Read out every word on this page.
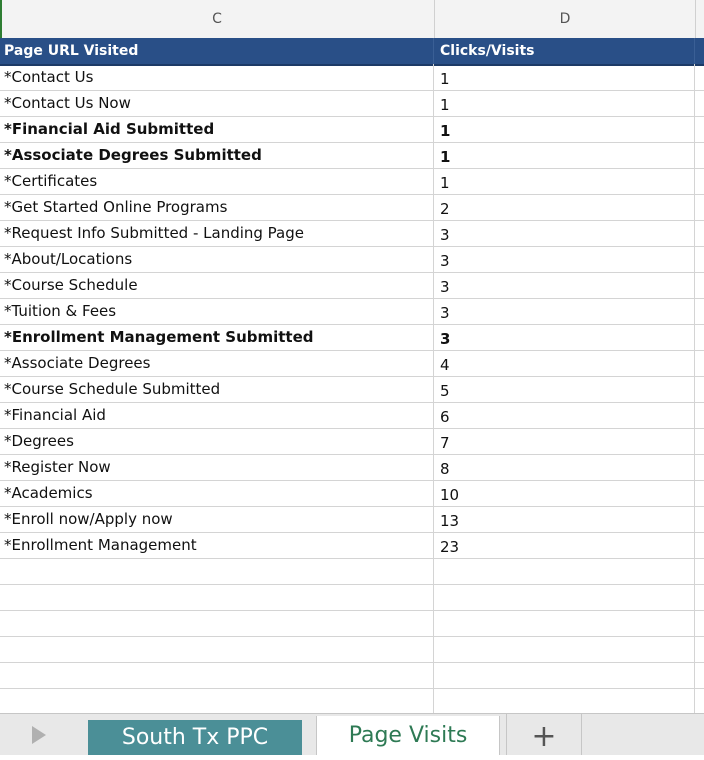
C	D
Page URL Visited	Clicks/Visits
*Contact Us	1
*Contact Us Now	1
*Financial Aid Submitted	1
*Associate Degrees Submitted	1
*Certificates	1
*Get Started Online Programs	2
*Request Info Submitted - Landing Page	3
*About/Locations	3
*Course Schedule	3
*Tuition & Fees	3
*Enrollment Management Submitted	3
*Associate Degrees	4
*Course Schedule Submitted	5
*Financial Aid	6
*Degrees	7
*Register Now	8
*Academics	10
*Enroll now/Apply now	13
*Enrollment Management	23
South Tx PPC	Page Visits	+
